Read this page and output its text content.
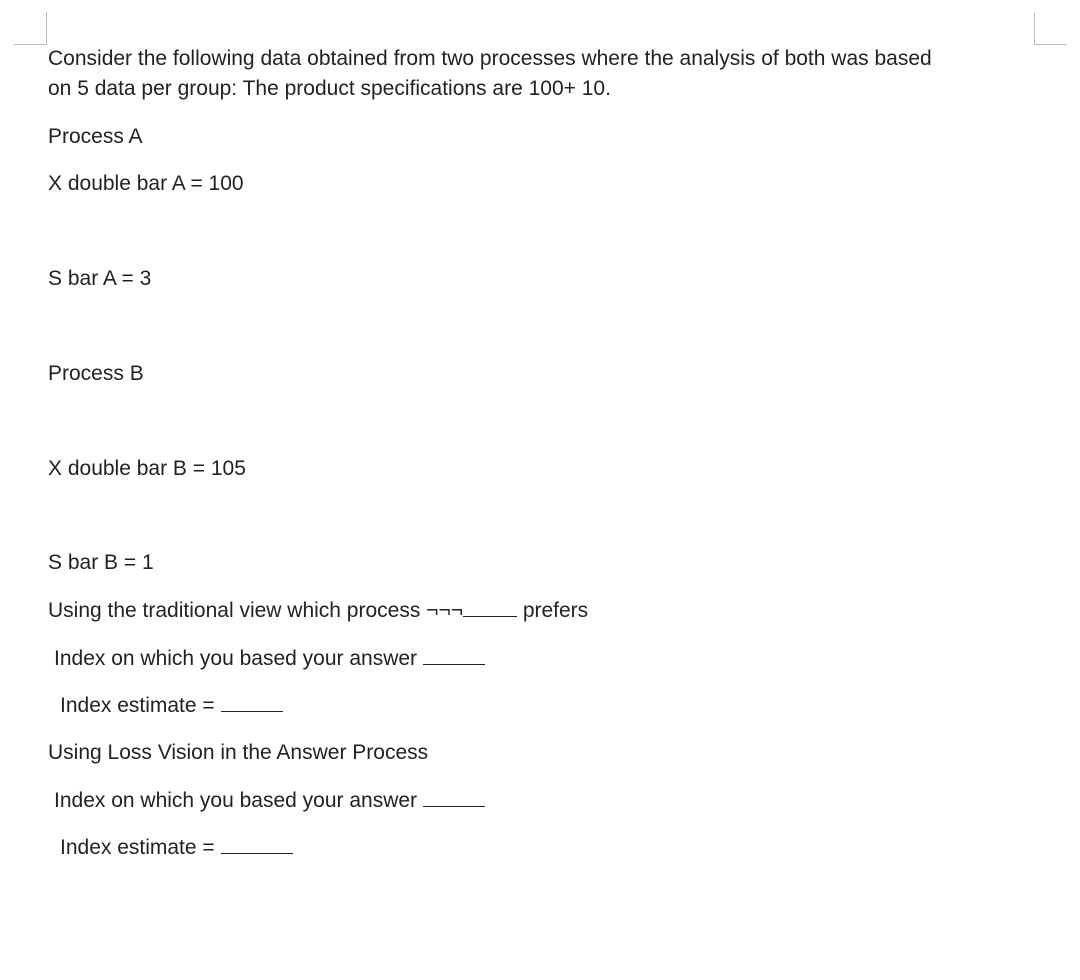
Consider the following data obtained from two processes where the analysis of both was based
on 5 data per group: The product specifications are 100+ 10.
Process A
X double bar A = 100
S bar A = 3
Process B
X double bar B = 105
S bar B = 1
Using the traditional view which process ¬¬¬	prefers
Index on which you based your answer
Index estimate =
Using Loss Vision in the Answer Process
Index on which you based your answer
Index estimate =
